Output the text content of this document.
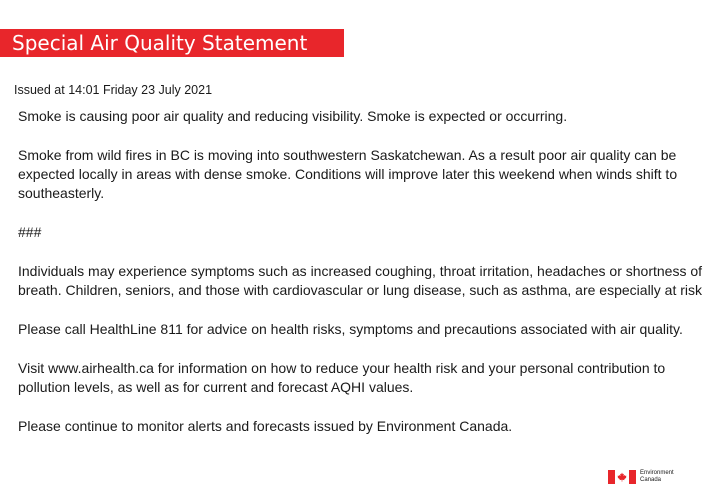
Special Air Quality Statement
Issued at 14:01 Friday 23 July 2021

Smoke is causing poor air quality and reducing visibility. Smoke is expected or occurring.

Smoke from wild fires in BC is moving into southwestern Saskatchewan. As a result poor air quality can be
expected locally in areas with dense smoke. Conditions will improve later this weekend when winds shift to
southeasterly.

###

Individuals may experience symptoms such as increased coughing, throat irritation, headaches or shortness of
breath. Children, seniors, and those with cardiovascular or lung disease, such as asthma, are especially at risk

Please call HealthLine 811 for advice on health risks, symptoms and precautions associated with air quality.

Visit www.airhealth.ca for information on how to reduce your health risk and your personal contribution to
pollution levels, as well as for current and forecast AQHI values.

Please continue to monitor alerts and forecasts issued by Environment Canada.

Environment
Canada
